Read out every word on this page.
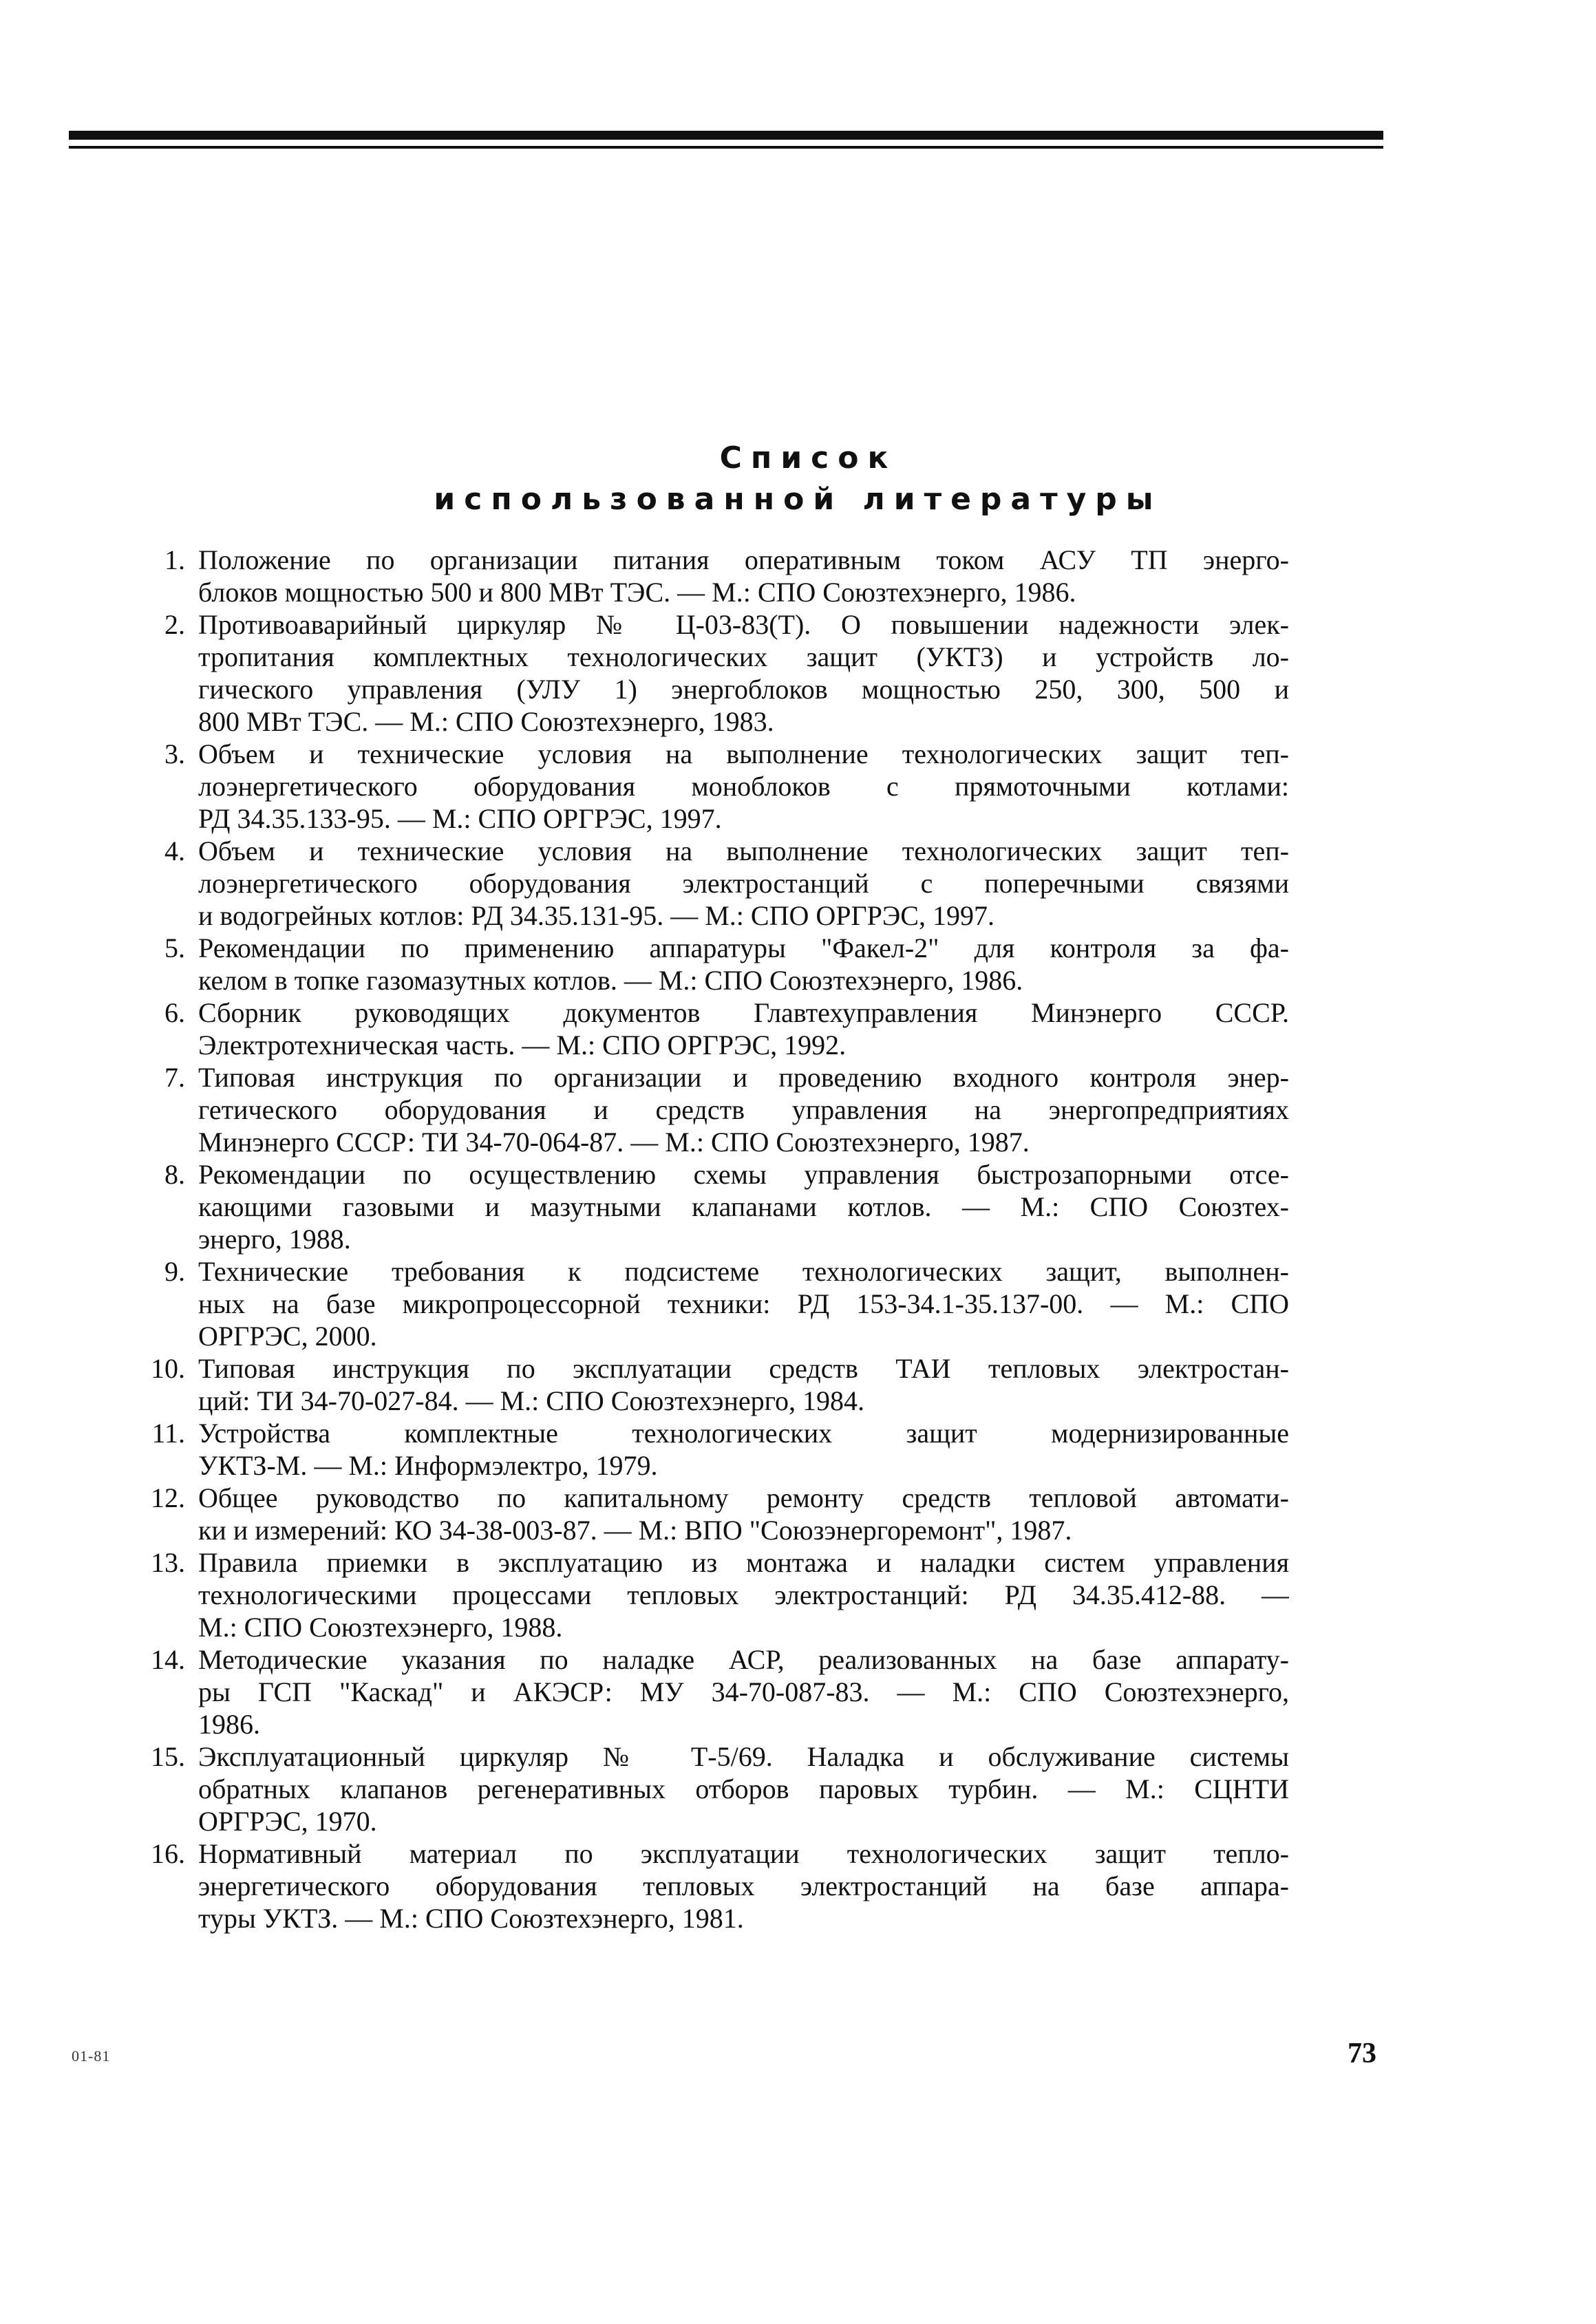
Список
использованной литературы
1. Положение по организации питания оперативным током АСУ ТП энерго-
блоков мощностью 500 и 800 МВт ТЭС. — М.: СПО Союзтехэнерго, 1986.
2. Противоаварийный циркуляр № Ц-03-83(Т). О повышении надежности элек-
тропитания комплектных технологических защит (УКТЗ) и устройств ло-
гического управления (УЛУ 1) энергоблоков мощностью 250, 300, 500 и
800 МВт ТЭС. — М.: СПО Союзтехэнерго, 1983.
3. Объем и технические условия на выполнение технологических защит теп-
лоэнергетического оборудования моноблоков с прямоточными котлами:
РД 34.35.133-95. — М.: СПО ОРГРЭС, 1997.
4. Объем и технические условия на выполнение технологических защит теп-
лоэнергетического оборудования электростанций с поперечными связями
и водогрейных котлов: РД 34.35.131-95. — М.: СПО ОРГРЭС, 1997.
5. Рекомендации по применению аппаратуры "Факел-2" для контроля за фа-
келом в топке газомазутных котлов. — М.: СПО Союзтехэнерго, 1986.
6. Сборник руководящих документов Главтехуправления Минэнерго СССР.
Электротехническая часть. — М.: СПО ОРГРЭС, 1992.
7. Типовая инструкция по организации и проведению входного контроля энер-
гетического оборудования и средств управления на энергопредприятиях
Минэнерго СССР: ТИ 34-70-064-87. — М.: СПО Союзтехэнерго, 1987.
8. Рекомендации по осуществлению схемы управления быстрозапорными отсе-
кающими газовыми и мазутными клапанами котлов. — М.: СПО Союзтех-
энерго, 1988.
9. Технические требования к подсистеме технологических защит, выполнен-
ных на базе микропроцессорной техники: РД 153-34.1-35.137-00. — М.: СПО
ОРГРЭС, 2000.
10. Типовая инструкция по эксплуатации средств ТАИ тепловых электростан-
ций: ТИ 34-70-027-84. — М.: СПО Союзтехэнерго, 1984.
11. Устройства комплектные технологических защит модернизированные
УКТЗ-М. — М.: Информэлектро, 1979.
12. Общее руководство по капитальному ремонту средств тепловой автомати-
ки и измерений: КО 34-38-003-87. — М.: ВПО "Союзэнергоремонт", 1987.
13. Правила приемки в эксплуатацию из монтажа и наладки систем управления
технологическими процессами тепловых электростанций: РД 34.35.412-88. —
М.: СПО Союзтехэнерго, 1988.
14. Методические указания по наладке АСР, реализованных на базе аппарату-
ры ГСП "Каскад" и АКЭСР: МУ 34-70-087-83. — М.: СПО Союзтехэнерго,
1986.
15. Эксплуатационный циркуляр № Т-5/69. Наладка и обслуживание системы
обратных клапанов регенеративных отборов паровых турбин. — М.: СЦНТИ
ОРГРЭС, 1970.
16. Нормативный материал по эксплуатации технологических защит тепло-
энергетического оборудования тепловых электростанций на базе аппара-
туры УКТЗ. — М.: СПО Союзтехэнерго, 1981.
01-81	73
